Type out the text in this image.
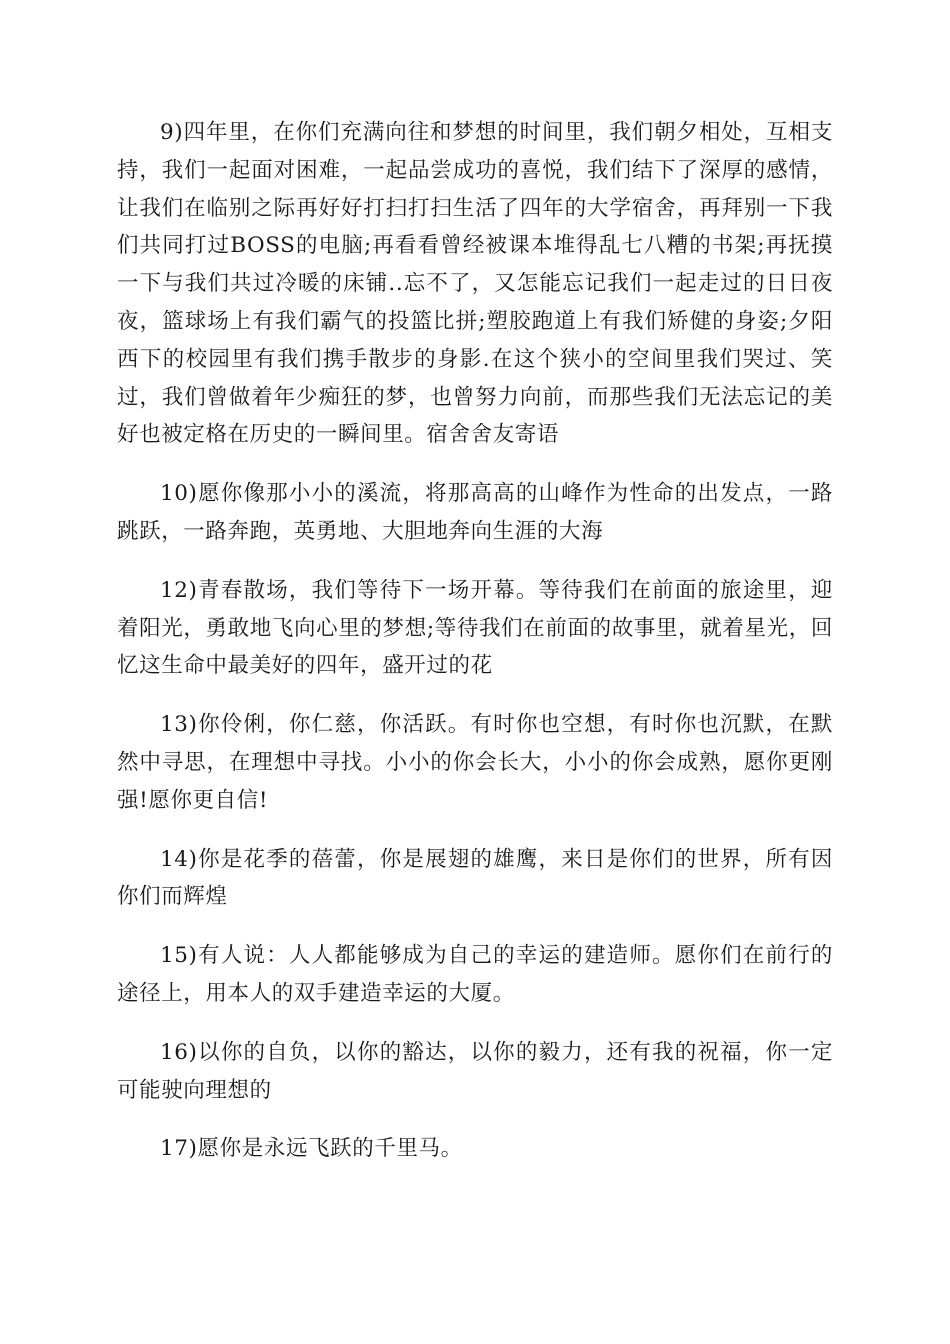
9)四年里，在你们充满向往和梦想的时间里，我们朝夕相处，互相支持，我们一起面对困难，一起品尝成功的喜悦，我们结下了深厚的感情，让我们在临别之际再好好打扫打扫生活了四年的大学宿舍，再拜别一下我们共同打过BOSS的电脑;再看看曾经被课本堆得乱七八糟的书架;再抚摸一下与我们共过冷暖的床铺..忘不了，又怎能忘记我们一起走过的日日夜夜，篮球场上有我们霸气的投篮比拼;塑胶跑道上有我们矫健的身姿;夕阳西下的校园里有我们携手散步的身影.在这个狭小的空间里我们哭过、笑过，我们曾做着年少痴狂的梦，也曾努力向前，而那些我们无法忘记的美好也被定格在历史的一瞬间里。宿舍舍友寄语

10)愿你像那小小的溪流，将那高高的山峰作为性命的出发点，一路跳跃，一路奔跑，英勇地、大胆地奔向生涯的大海

12)青春散场，我们等待下一场开幕。等待我们在前面的旅途里，迎着阳光，勇敢地飞向心里的梦想;等待我们在前面的故事里，就着星光，回忆这生命中最美好的四年，盛开过的花

13)你伶俐，你仁慈，你活跃。有时你也空想，有时你也沉默，在默然中寻思，在理想中寻找。小小的你会长大，小小的你会成熟，愿你更刚强!愿你更自信!

14)你是花季的蓓蕾，你是展翅的雄鹰，来日是你们的世界，所有因你们而辉煌

15)有人说：人人都能够成为自己的幸运的建造师。愿你们在前行的途径上，用本人的双手建造幸运的大厦。

16)以你的自负，以你的豁达，以你的毅力，还有我的祝福，你一定可能驶向理想的

17)愿你是永远飞跃的千里马。
